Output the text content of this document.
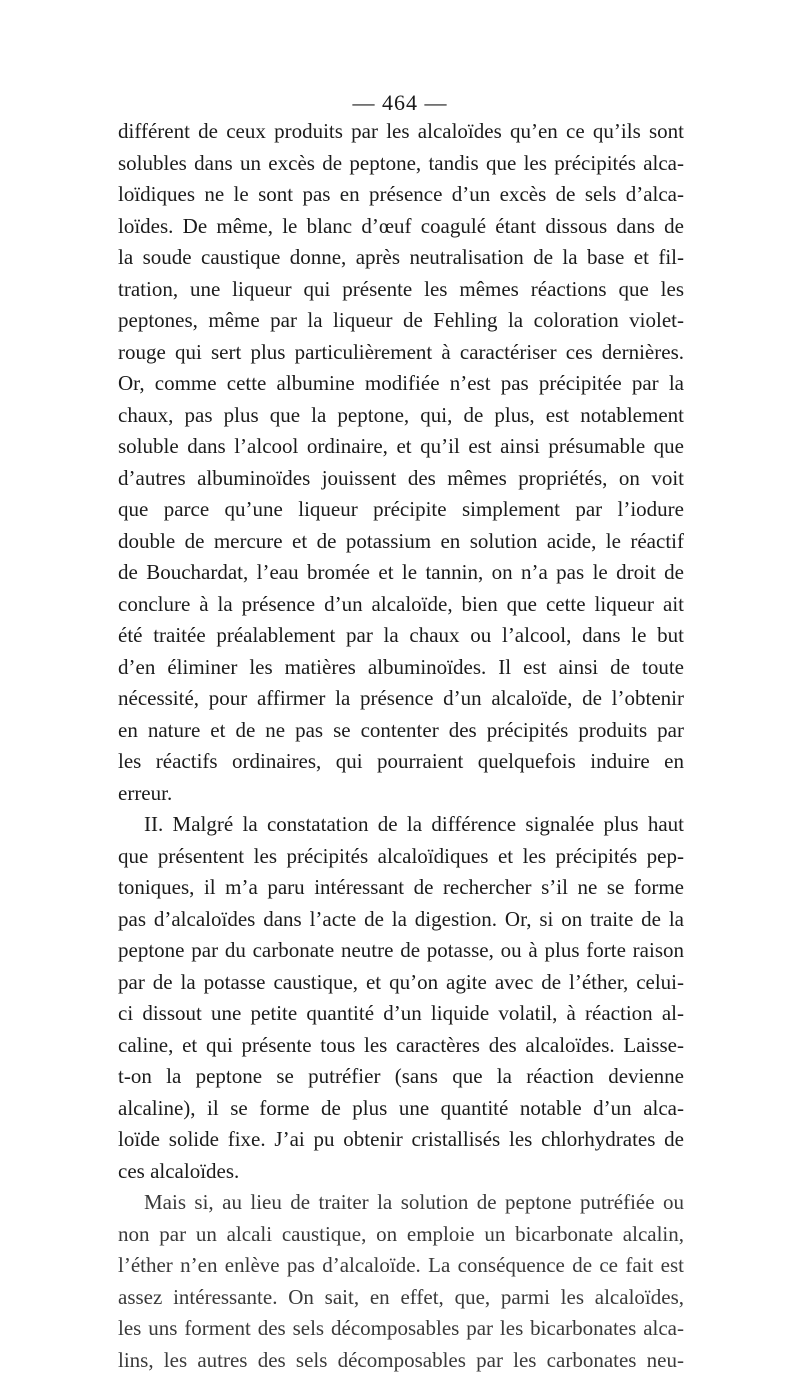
— 464 —
différent de ceux produits par les alcaloïdes qu’en ce qu’ils sont
solubles dans un excès de peptone, tandis que les précipités alca-
loïdiques ne le sont pas en présence d’un excès de sels d’alca-
loïdes. De même, le blanc d’œuf coagulé étant dissous dans de
la soude caustique donne, après neutralisation de la base et fil-
tration, une liqueur qui présente les mêmes réactions que les
peptones, même par la liqueur de Fehling la coloration violet-
rouge qui sert plus particulièrement à caractériser ces dernières.
Or, comme cette albumine modifiée n’est pas précipitée par la
chaux, pas plus que la peptone, qui, de plus, est notablement
soluble dans l’alcool ordinaire, et qu’il est ainsi présumable que
d’autres albuminoïdes jouissent des mêmes propriétés, on voit
que parce qu’une liqueur précipite simplement par l’iodure
double de mercure et de potassium en solution acide, le réactif
de Bouchardat, l’eau bromée et le tannin, on n’a pas le droit de
conclure à la présence d’un alcaloïde, bien que cette liqueur ait
été traitée préalablement par la chaux ou l’alcool, dans le but
d’en éliminer les matières albuminoïdes. Il est ainsi de toute
nécessité, pour affirmer la présence d’un alcaloïde, de l’obtenir
en nature et de ne pas se contenter des précipités produits par
les réactifs ordinaires, qui pourraient quelquefois induire en
erreur.
II. Malgré la constatation de la différence signalée plus haut
que présentent les précipités alcaloïdiques et les précipités pep-
toniques, il m’a paru intéressant de rechercher s’il ne se forme
pas d’alcaloïdes dans l’acte de la digestion. Or, si on traite de la
peptone par du carbonate neutre de potasse, ou à plus forte raison
par de la potasse caustique, et qu’on agite avec de l’éther, celui-
ci dissout une petite quantité d’un liquide volatil, à réaction al-
caline, et qui présente tous les caractères des alcaloïdes. Laisse-
t-on la peptone se putréfier (sans que la réaction devienne
alcaline), il se forme de plus une quantité notable d’un alca-
loïde solide fixe. J’ai pu obtenir cristallisés les chlorhydrates de
ces alcaloïdes.
Mais si, au lieu de traiter la solution de peptone putréfiée ou
non par un alcali caustique, on emploie un bicarbonate alcalin,
l’éther n’en enlève pas d’alcaloïde. La conséquence de ce fait est
assez intéressante. On sait, en effet, que, parmi les alcaloïdes,
les uns forment des sels décomposables par les bicarbonates alca-
lins, les autres des sels décomposables par les carbonates neu-
